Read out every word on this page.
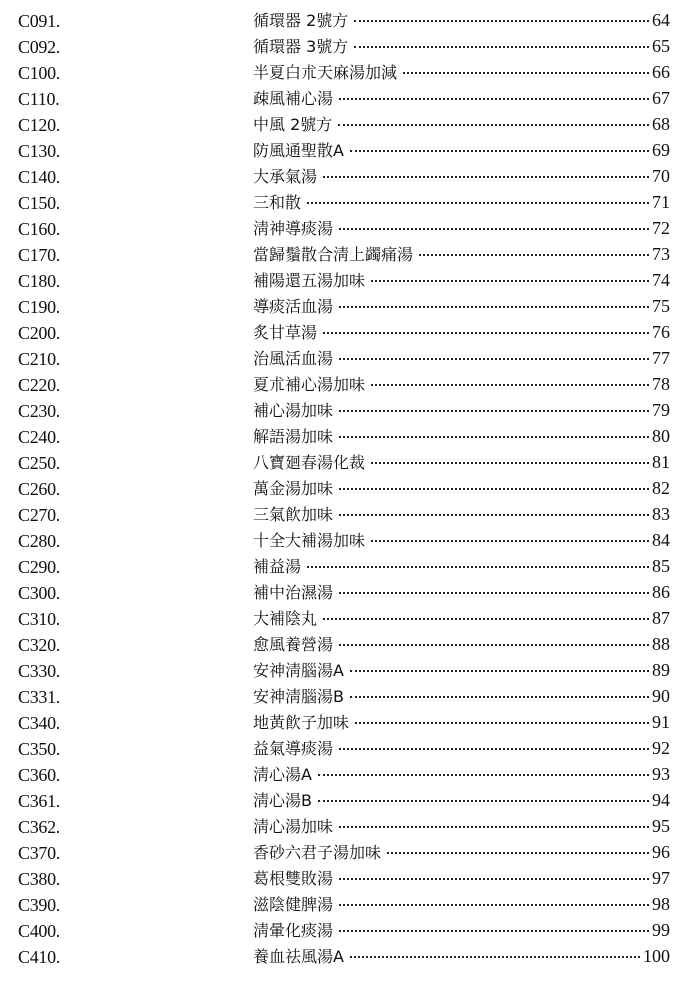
C091.	循環器 2號方	64
C092.	循環器 3號方	65
C100.	半夏白朮天麻湯加減	66
C110.	疎風補心湯	67
C120.	中風 2號方	68
C130.	防風通聖散A	69
C140.	大承氣湯	70
C150.	三和散	71
C160.	淸神導痰湯	72
C170.	當歸鬚散合淸上蠲痛湯	73
C180.	補陽還五湯加味	74
C190.	導痰活血湯	75
C200.	炙甘草湯	76
C210.	治風活血湯	77
C220.	夏朮補心湯加味	78
C230.	補心湯加味	79
C240.	解語湯加味	80
C250.	八寶廻春湯化裁	81
C260.	萬金湯加味	82
C270.	三氣飮加味	83
C280.	十全大補湯加味	84
C290.	補益湯	85
C300.	補中治濕湯	86
C310.	大補陰丸	87
C320.	愈風養營湯	88
C330.	安神淸腦湯A	89
C331.	安神淸腦湯B	90
C340.	地黃飮子加味	91
C350.	益氣導痰湯	92
C360.	淸心湯A	93
C361.	淸心湯B	94
C362.	淸心湯加味	95
C370.	香砂六君子湯加味	96
C380.	葛根雙敗湯	97
C390.	滋陰健脾湯	98
C400.	淸暈化痰湯	99
C410.	養血祛風湯A	100
